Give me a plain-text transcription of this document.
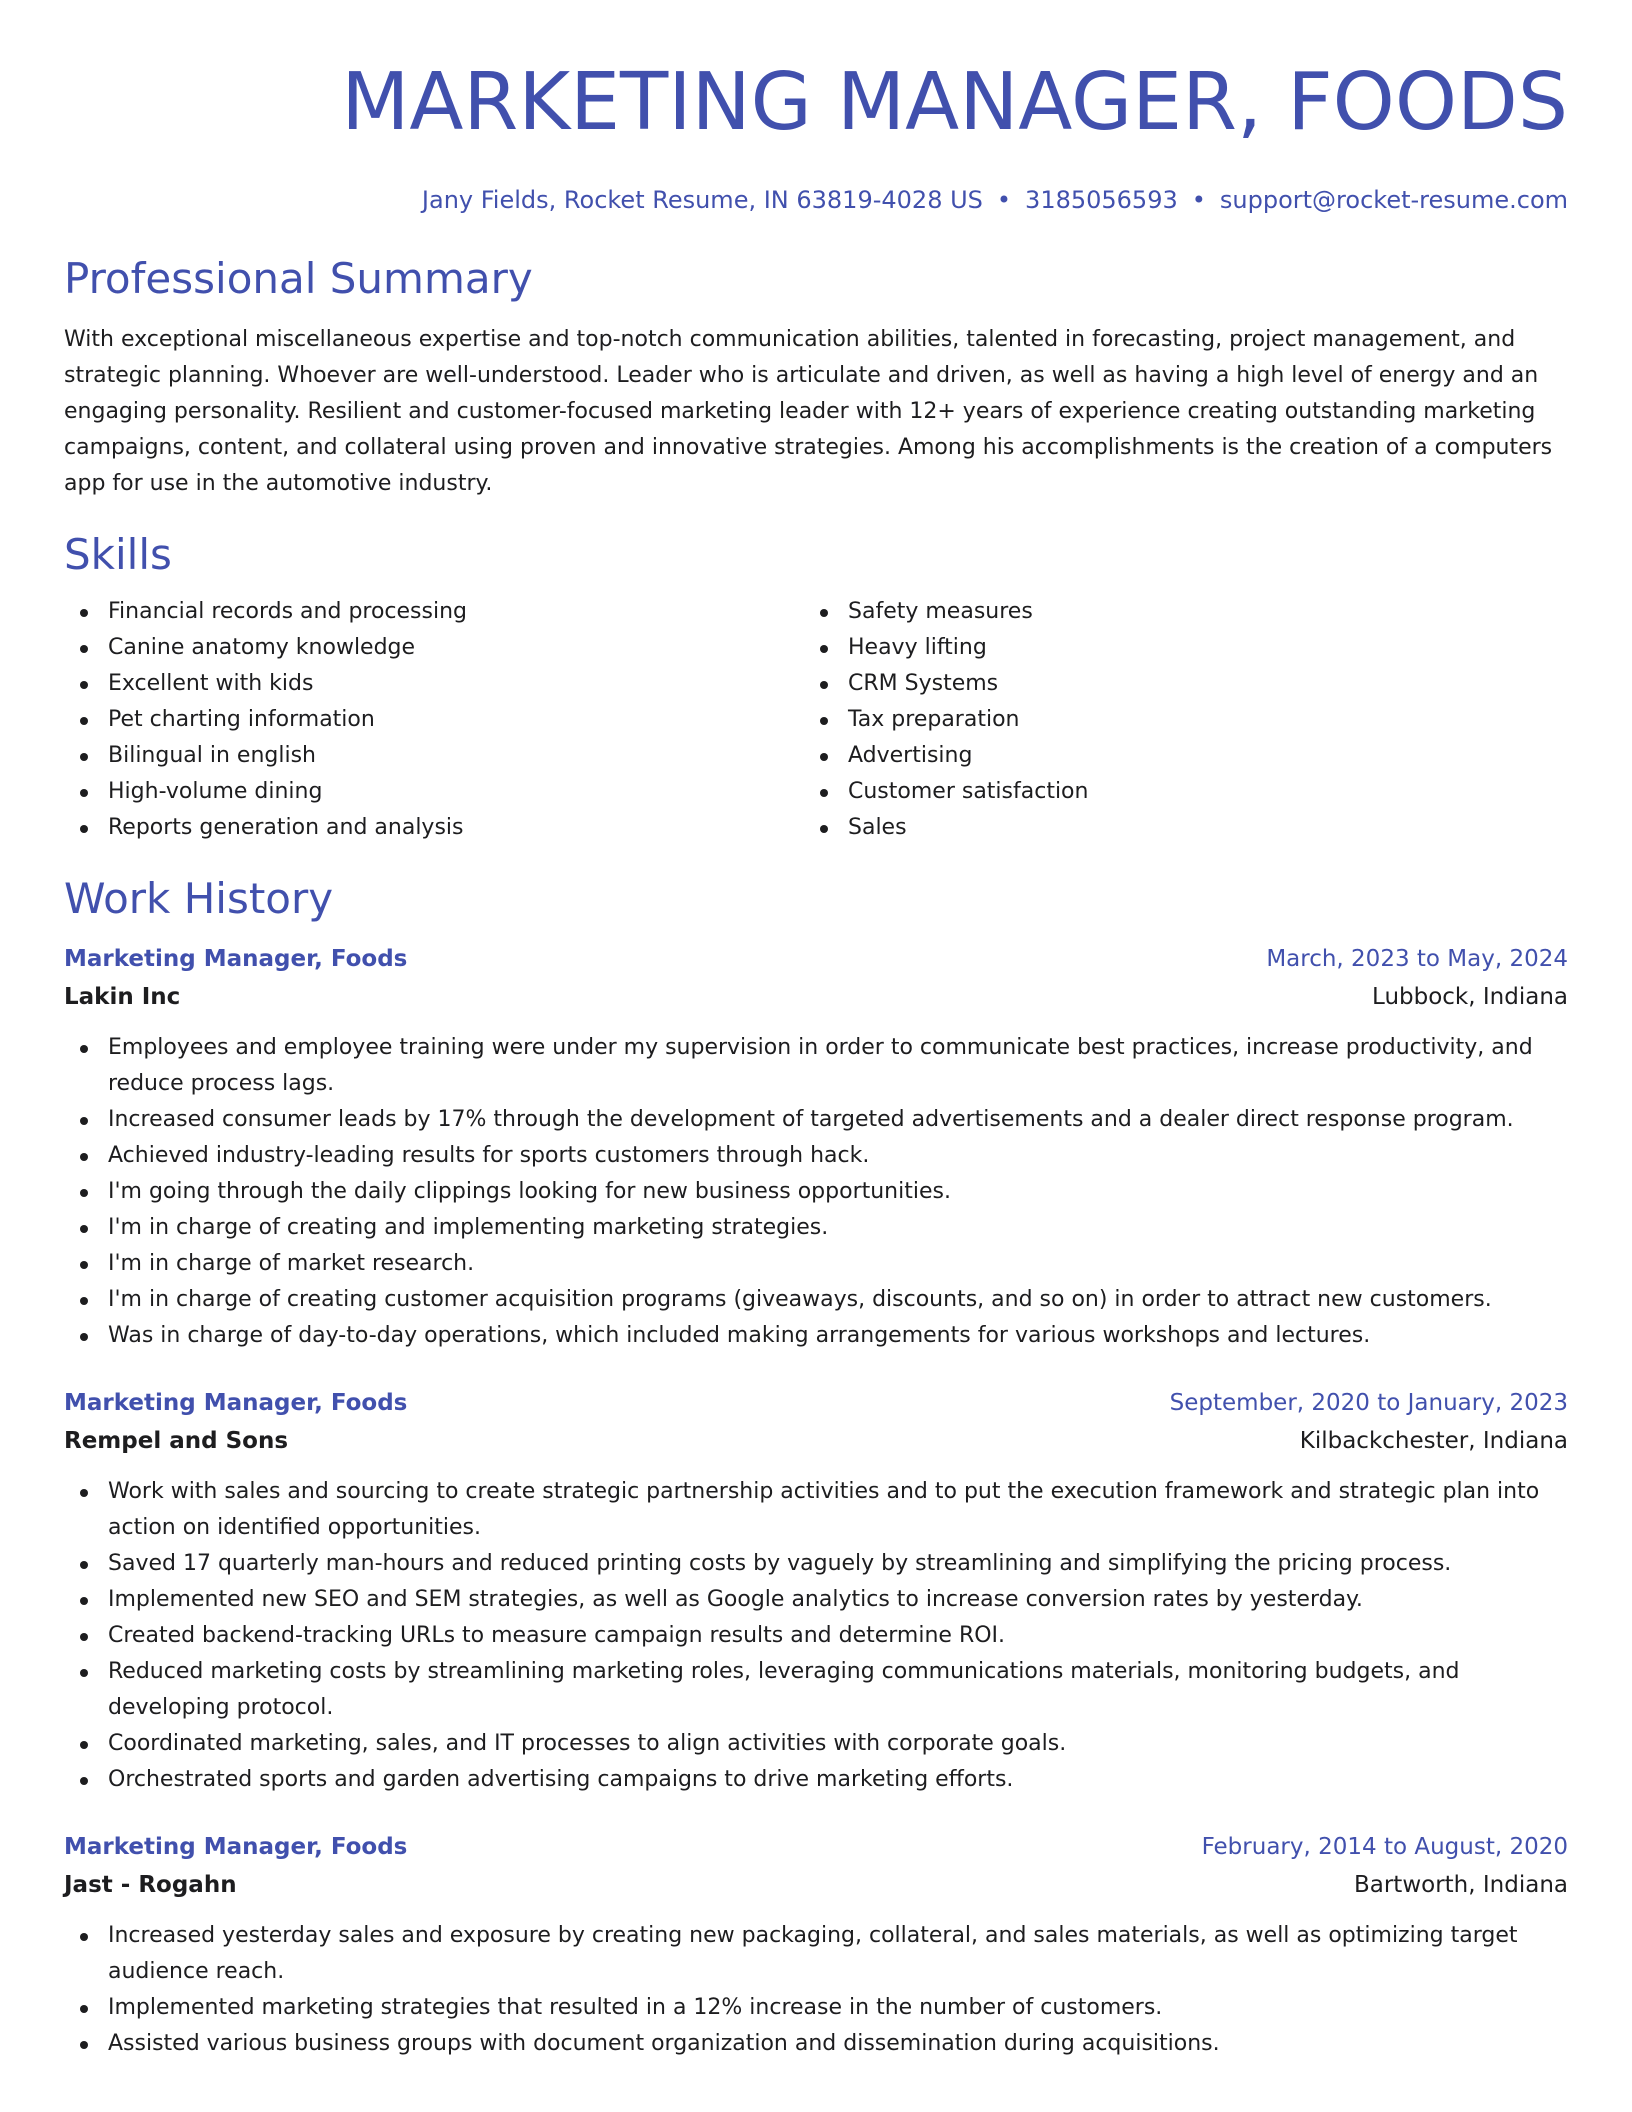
MARKETING MANAGER, FOODS
Jany Fields, Rocket Resume, IN 63819-4028 US • 3185056593 • support@rocket-resume.com
Professional Summary

With exceptional miscellaneous expertise and top-notch communication abilities, talented in forecasting, project management, and strategic planning. Whoever are well-understood. Leader who is articulate and driven, as well as having a high level of energy and an engaging personality. Resilient and customer-focused marketing leader with 12+ years of experience creating outstanding marketing campaigns, content, and collateral using proven and innovative strategies. Among his accomplishments is the creation of a computers app for use in the automotive industry.

Skills
Financial records and processing
Canine anatomy knowledge
Excellent with kids
Pet charting information
Bilingual in english
High-volume dining
Reports generation and analysis
Safety measures
Heavy lifting
CRM Systems
Tax preparation
Advertising
Customer satisfaction
Sales
Work History
Marketing Manager, Foods	March, 2023 to May, 2024
Lakin Inc	Lubbock, Indiana
Employees and employee training were under my supervision in order to communicate best practices, increase productivity, and reduce process lags.
Increased consumer leads by 17% through the development of targeted advertisements and a dealer direct response program.
Achieved industry-leading results for sports customers through hack.
I'm going through the daily clippings looking for new business opportunities.
I'm in charge of creating and implementing marketing strategies.
I'm in charge of market research.
I'm in charge of creating customer acquisition programs (giveaways, discounts, and so on) in order to attract new customers.
Was in charge of day-to-day operations, which included making arrangements for various workshops and lectures.
Marketing Manager, Foods	September, 2020 to January, 2023
Rempel and Sons	Kilbackchester, Indiana
Work with sales and sourcing to create strategic partnership activities and to put the execution framework and strategic plan into action on identified opportunities.
Saved 17 quarterly man-hours and reduced printing costs by vaguely by streamlining and simplifying the pricing process.
Implemented new SEO and SEM strategies, as well as Google analytics to increase conversion rates by yesterday.
Created backend-tracking URLs to measure campaign results and determine ROI.
Reduced marketing costs by streamlining marketing roles, leveraging communications materials, monitoring budgets, and developing protocol.
Coordinated marketing, sales, and IT processes to align activities with corporate goals.
Orchestrated sports and garden advertising campaigns to drive marketing efforts.
Marketing Manager, Foods	February, 2014 to August, 2020
Jast - Rogahn	Bartworth, Indiana
Increased yesterday sales and exposure by creating new packaging, collateral, and sales materials, as well as optimizing target audience reach.
Implemented marketing strategies that resulted in a 12% increase in the number of customers.
Assisted various business groups with document organization and dissemination during acquisitions.
